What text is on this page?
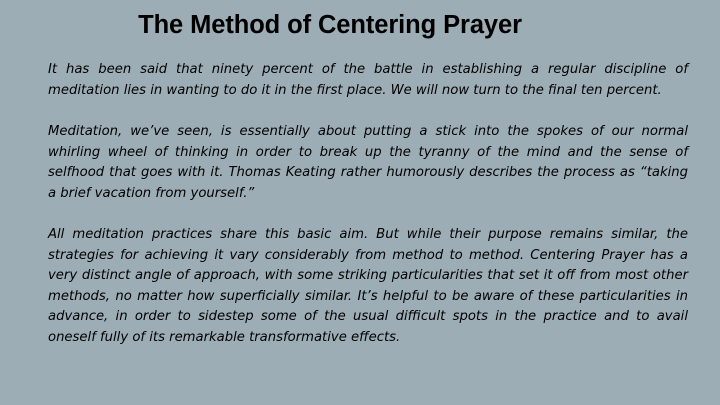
The Method of Centering Prayer

It has been said that ninety percent of the battle in establishing a regular discipline of meditation lies in wanting to do it in the first place. We will now turn to the final ten percent.

Meditation, we’ve seen, is essentially about putting a stick into the spokes of our normal whirling wheel of thinking in order to break up the tyranny of the mind and the sense of selfhood that goes with it. Thomas Keating rather humorously describes the process as “taking a brief vacation from yourself.”

All meditation practices share this basic aim. But while their purpose remains similar, the strategies for achieving it vary considerably from method to method. Centering Prayer has a very distinct angle of approach, with some striking particularities that set it off from most other methods, no matter how superficially similar. It’s helpful to be aware of these particularities in advance, in order to sidestep some of the usual difficult spots in the practice and to avail oneself fully of its remarkable transformative effects.
